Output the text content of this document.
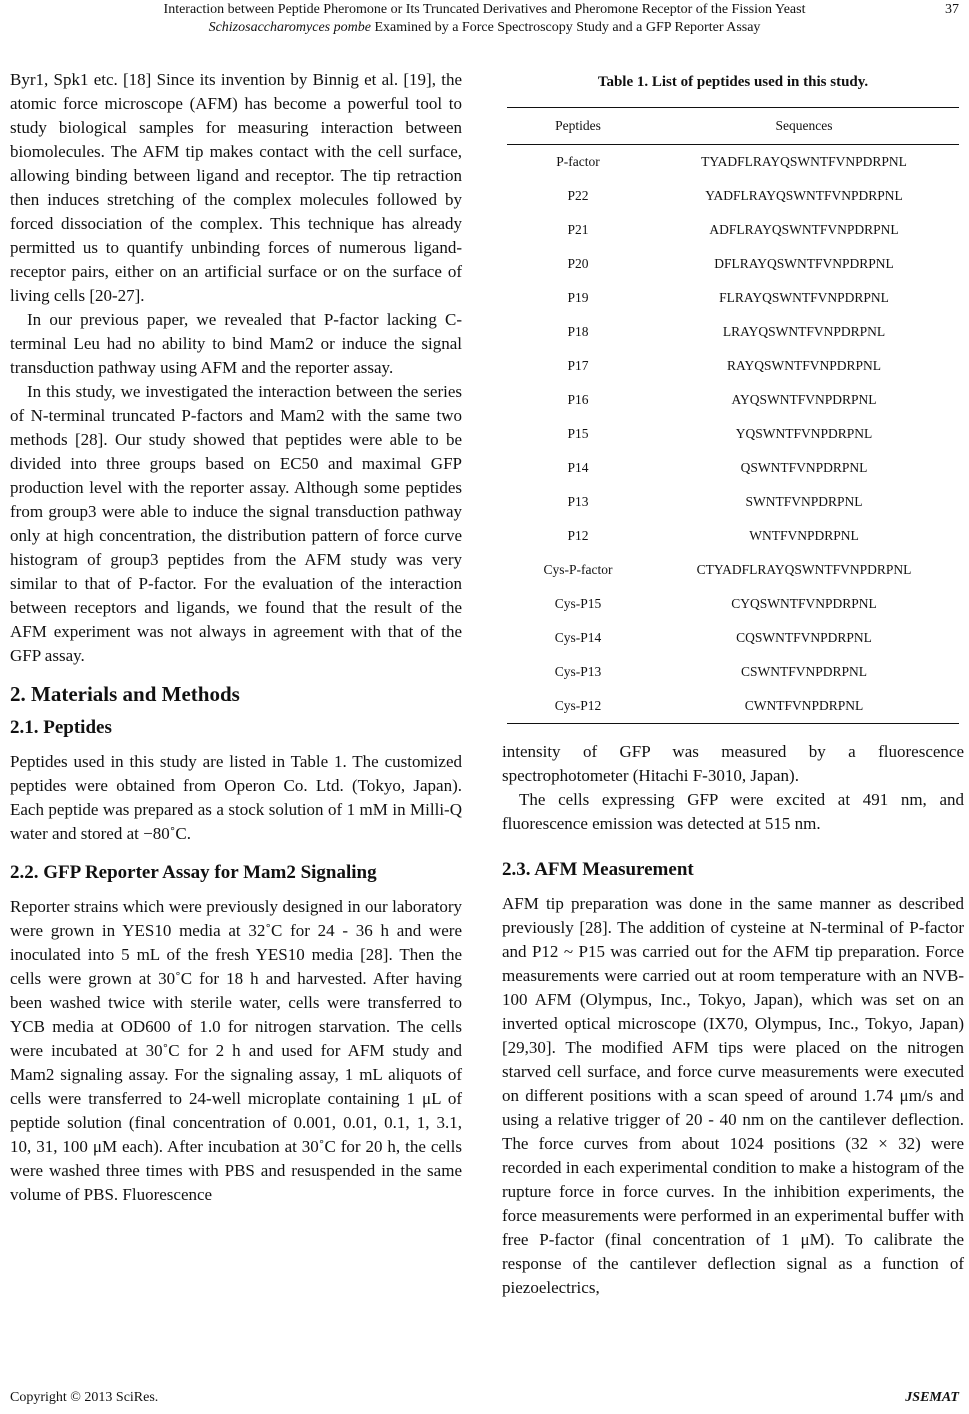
Interaction between Peptide Pheromone or Its Truncated Derivatives and Pheromone Receptor of the Fission Yeast
Schizosaccharomyces pombe Examined by a Force Spectroscopy Study and a GFP Reporter Assay
37

Byr1, Spk1 etc. [18] Since its invention by Binnig et al. [19], the atomic force microscope (AFM) has become a powerful tool to study biological samples for measuring interaction between biomolecules. The AFM tip makes contact with the cell surface, allowing binding between ligand and receptor. The tip retraction then induces stretching of the complex molecules followed by forced dissociation of the complex. This technique has already permitted us to quantify unbinding forces of numerous ligand-receptor pairs, either on an artificial surface or on the surface of living cells [20-27].

In our previous paper, we revealed that P-factor lacking C-terminal Leu had no ability to bind Mam2 or induce the signal transduction pathway using AFM and the reporter assay.

In this study, we investigated the interaction between the series of N-terminal truncated P-factors and Mam2 with the same two methods [28]. Our study showed that peptides were able to be divided into three groups based on EC50 and maximal GFP production level with the reporter assay. Although some peptides from group3 were able to induce the signal transduction pathway only at high concentration, the distribution pattern of force curve histogram of group3 peptides from the AFM study was very similar to that of P-factor. For the evaluation of the interaction between receptors and ligands, we found that the result of the AFM experiment was not always in agreement with that of the GFP assay.

2. Materials and Methods

2.1. Peptides

Peptides used in this study are listed in Table 1. The customized peptides were obtained from Operon Co. Ltd. (Tokyo, Japan). Each peptide was prepared as a stock solution of 1 mM in Milli-Q water and stored at −80˚C.

2.2. GFP Reporter Assay for Mam2 Signaling

Reporter strains which were previously designed in our laboratory were grown in YES10 media at 32˚C for 24 - 36 h and were inoculated into 5 mL of the fresh YES10 media [28]. Then the cells were grown at 30˚C for 18 h and harvested. After having been washed twice with sterile water, cells were transferred to YCB media at OD600 of 1.0 for nitrogen starvation. The cells were incubated at 30˚C for 2 h and used for AFM study and Mam2 signaling assay. For the signaling assay, 1 mL aliquots of cells were transferred to 24-well microplate containing 1 μL of peptide solution (final concentration of 0.001, 0.01, 0.1, 1, 3.1, 10, 31, 100 μM each). After incubation at 30˚C for 20 h, the cells were washed three times with PBS and resuspended in the same volume of PBS. Fluorescence

Table 1. List of peptides used in this study.
Peptides	Sequences
P-factor	TYADFLRAYQSWNTFVNPDRPNL
P22	YADFLRAYQSWNTFVNPDRPNL
P21	ADFLRAYQSWNTFVNPDRPNL
P20	DFLRAYQSWNTFVNPDRPNL
P19	FLRAYQSWNTFVNPDRPNL
P18	LRAYQSWNTFVNPDRPNL
P17	RAYQSWNTFVNPDRPNL
P16	AYQSWNTFVNPDRPNL
P15	YQSWNTFVNPDRPNL
P14	QSWNTFVNPDRPNL
P13	SWNTFVNPDRPNL
P12	WNTFVNPDRPNL
Cys-P-factor	CTYADFLRAYQSWNTFVNPDRPNL
Cys-P15	CYQSWNTFVNPDRPNL
Cys-P14	CQSWNTFVNPDRPNL
Cys-P13	CSWNTFVNPDRPNL
Cys-P12	CWNTFVNPDRPNL

intensity of GFP was measured by a fluorescence spectrophotometer (Hitachi F-3010, Japan).

The cells expressing GFP were excited at 491 nm, and fluorescence emission was detected at 515 nm.

2.3. AFM Measurement

AFM tip preparation was done in the same manner as described previously [28]. The addition of cysteine at N-terminal of P-factor and P12 ~ P15 was carried out for the AFM tip preparation. Force measurements were carried out at room temperature with an NVB-100 AFM (Olympus, Inc., Tokyo, Japan), which was set on an inverted optical microscope (IX70, Olympus, Inc., Tokyo, Japan) [29,30]. The modified AFM tips were placed on the nitrogen starved cell surface, and force curve measurements were executed on different positions with a scan speed of around 1.74 μm/s and using a relative trigger of 20 - 40 nm on the cantilever deflection. The force curves from about 1024 positions (32 × 32) were recorded in each experimental condition to make a histogram of the rupture force in force curves. In the inhibition experiments, the force measurements were performed in an experimental buffer with free P-factor (final concentration of 1 μM). To calibrate the response of the cantilever deflection signal as a function of piezoelectrics,

Copyright © 2013 SciRes.	JSEMAT
